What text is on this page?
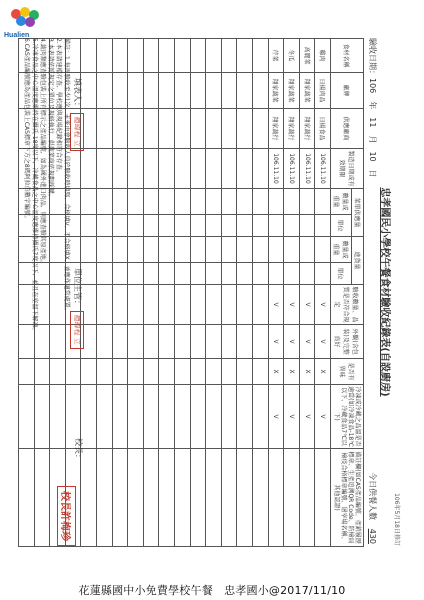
Hualien
106年5月18日修訂
忠孝國民小學校午餐食材驗收紀錄表(自設廚房)
驗收日期：106　年　11　月　10　日
今日供餐人數 430
食材名稱	廠牌	供應廠商	製造日期或有效期限	菜單供應量		進貨量		驗收數量、品質是否符合規定	外觀(含包裝)及完整良好	是否有異味	冷凍或冷藏之品溫是否適當(如冷凍食品-18℃以下，冷藏食品7℃以下)	備註欄(如CAS產品編號、產銷履歷標章、生產追溯QR Code、防檢局檢疫合格標章編號、屠宰場名稱、其他認證)
				數量或重量	單位	數量或重量	單位					
雞肉	日揚肉品	日揚食品	106.11.10					V	V	X	V	
高麗菜	翔家蔬菜	翔家蔬行	106.11.10					V	V	X	V	
冬瓜	翔家蔬菜	翔家蔬行	106.11.10					V	V	X	V	
芹菜	翔家蔬菜	翔家蔬行	106.11.10					V	V	X	V	

填表人： 禮瑋程 立
單位主管： 禮瑋程 立
校長：
校長許梅珍
備註：1.每周驗收至少1次，未來由會驗收人員於驗收時填寫，合格填V，不合格填X，並應作適當處置。
2.本表請建檔存查，學校應與現場紀錄相符合存查。
3.本表請依照規定之單位及規格執行，供蔬菜商依規劃採購。
4.蔬肉類應查驗包裝上所有標示之產品編號，如為國外進口肉品，則應查驗其原產地。
5.冷凍食品之中心溫度應維持在攝氏-18度以下，冷藏食品之中心溫度應維持攝氏7度以下，並且在室溫下解凍。
6.CAS產品編號應為產品包裝上CAS標章下方之8碼阿拉伯數字編號。
花蓮縣國中小免費學校午餐　忠孝國小@2017/11/10
